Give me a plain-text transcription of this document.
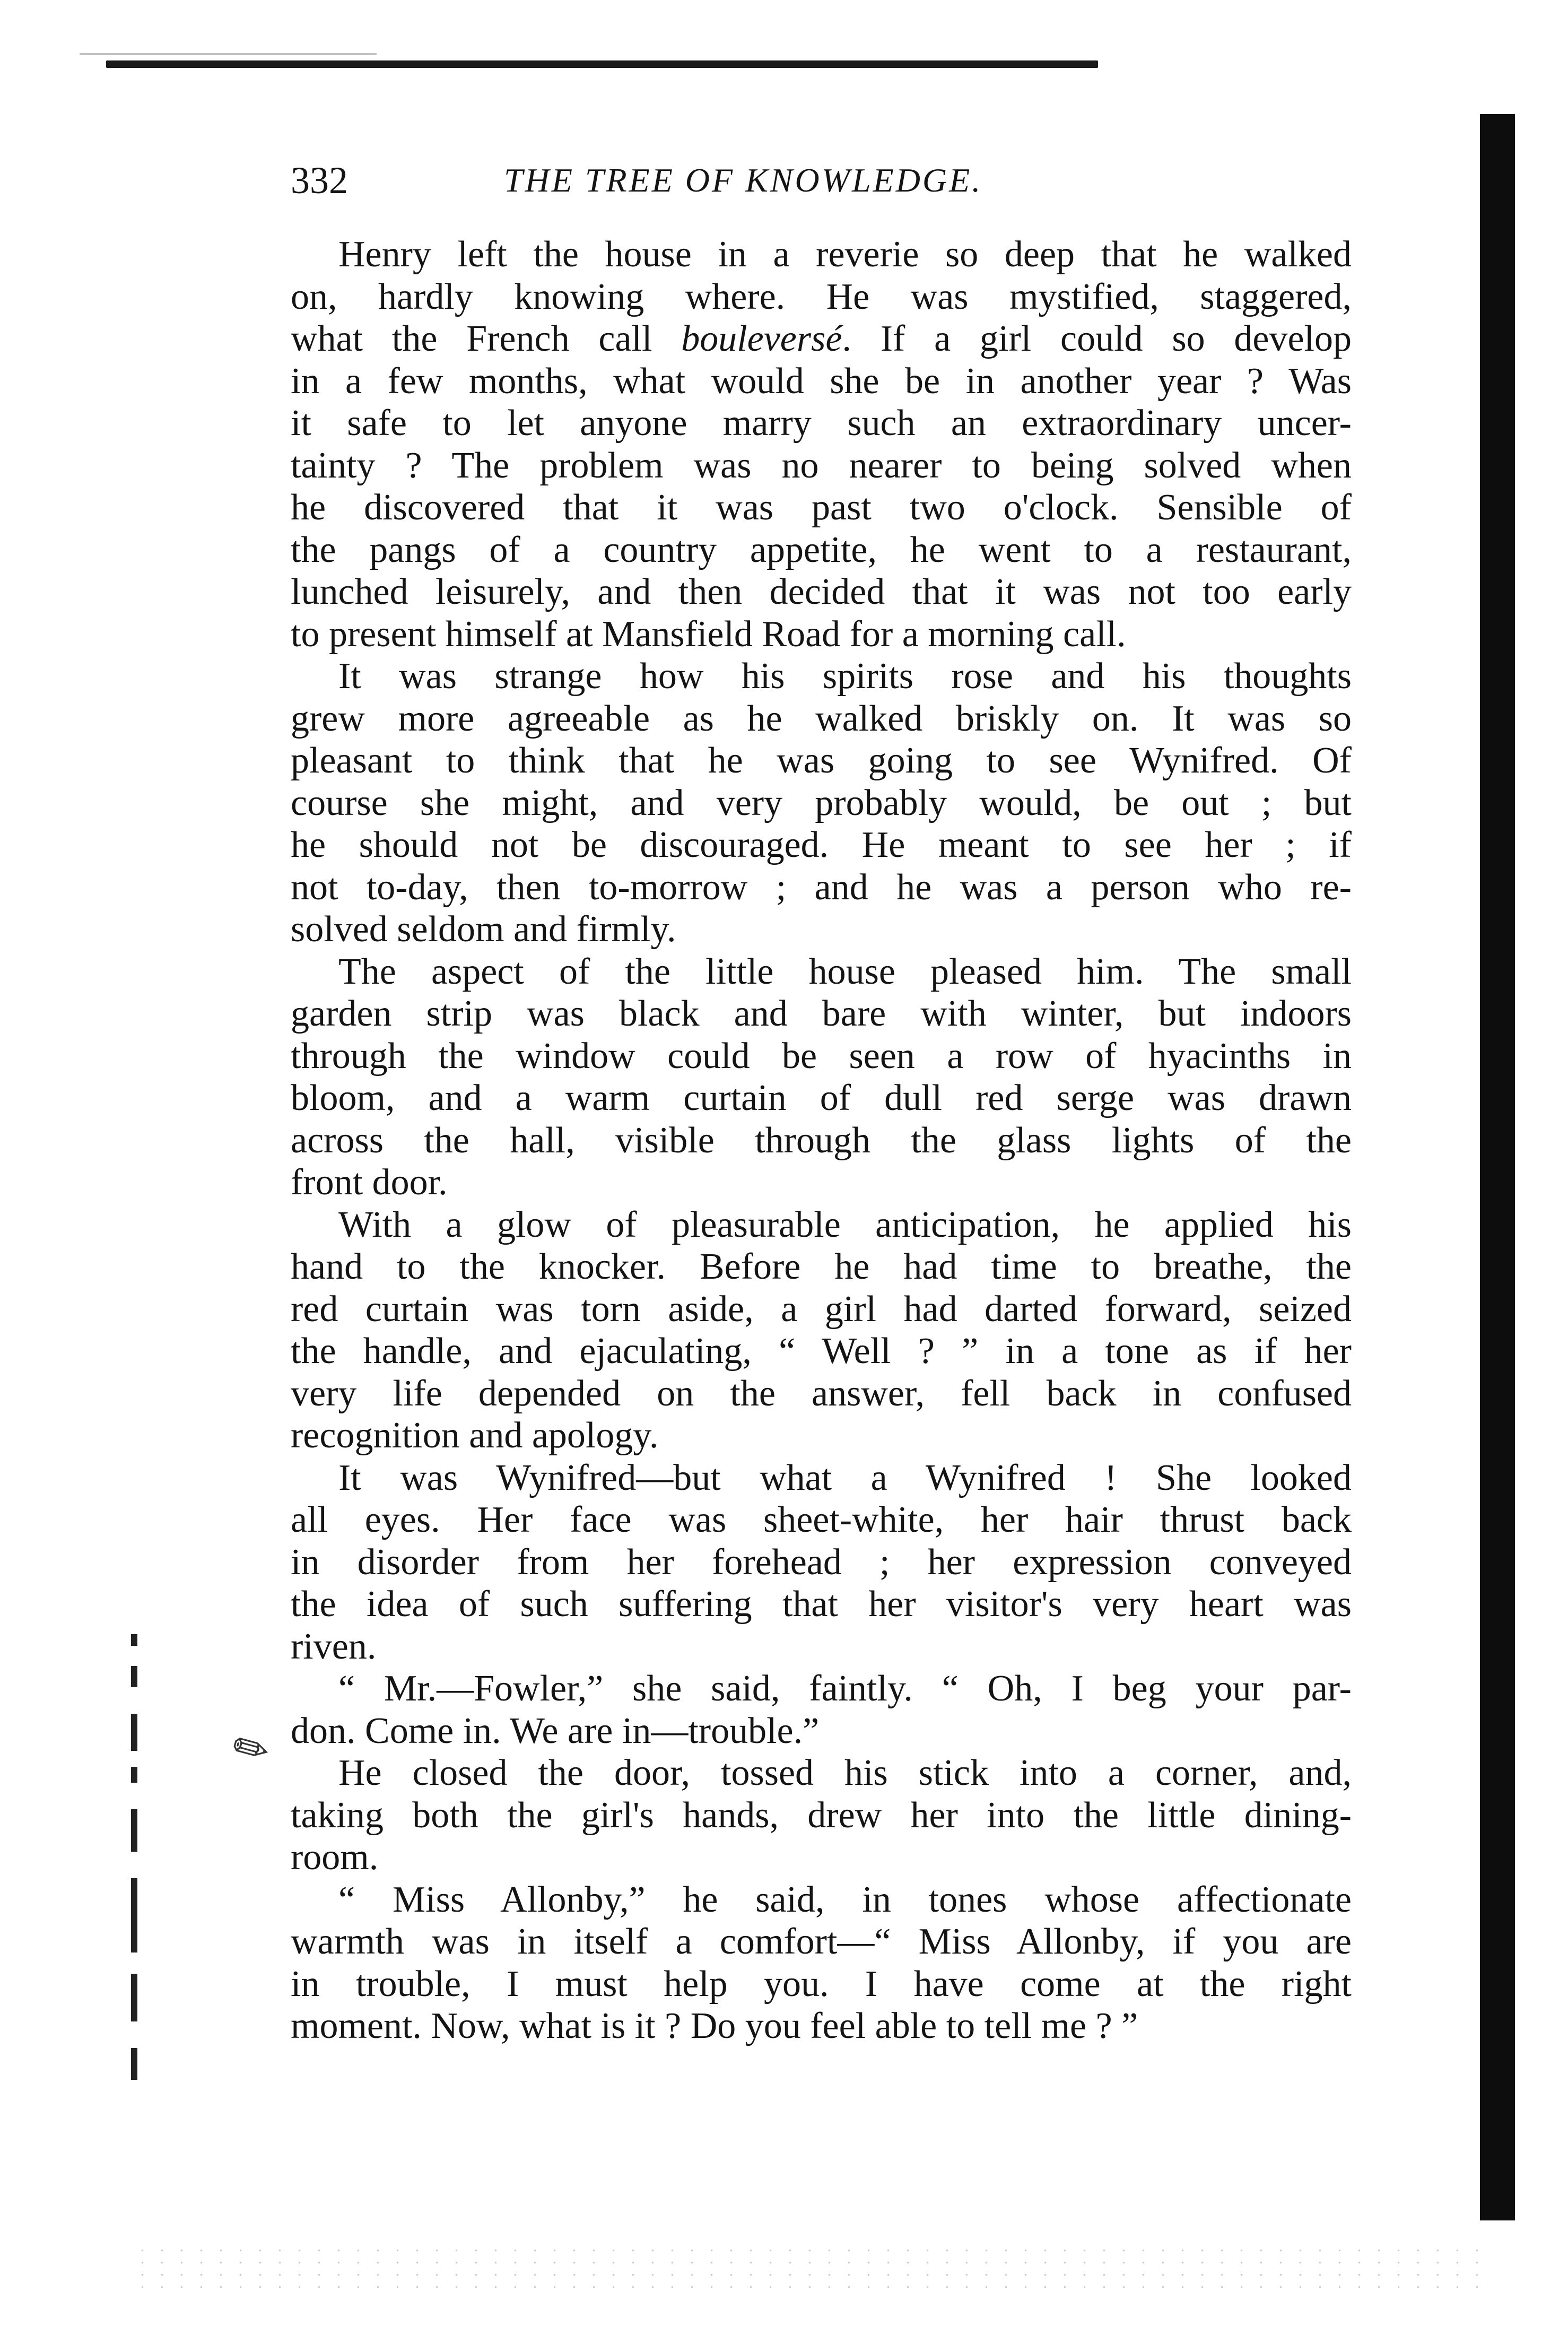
✎
332	THE TREE OF KNOWLEDGE.
Henry left the house in a reverie so deep that he walked
on, hardly knowing where. He was mystified, staggered,
what the French call bouleversé. If a girl could so develop
in a few months, what would she be in another year ? Was
it safe to let anyone marry such an extraordinary uncer-
tainty ? The problem was no nearer to being solved when
he discovered that it was past two o'clock. Sensible of
the pangs of a country appetite, he went to a restaurant,
lunched leisurely, and then decided that it was not too early
to present himself at Mansfield Road for a morning call.
It was strange how his spirits rose and his thoughts
grew more agreeable as he walked briskly on. It was so
pleasant to think that he was going to see Wynifred. Of
course she might, and very probably would, be out ; but
he should not be discouraged. He meant to see her ; if
not to-day, then to-morrow ; and he was a person who re-
solved seldom and firmly.
The aspect of the little house pleased him. The small
garden strip was black and bare with winter, but indoors
through the window could be seen a row of hyacinths in
bloom, and a warm curtain of dull red serge was drawn
across the hall, visible through the glass lights of the
front door.
With a glow of pleasurable anticipation, he applied his
hand to the knocker. Before he had time to breathe, the
red curtain was torn aside, a girl had darted forward, seized
the handle, and ejaculating, “ Well ? ” in a tone as if her
very life depended on the answer, fell back in confused
recognition and apology.
It was Wynifred—but what a Wynifred ! She looked
all eyes. Her face was sheet-white, her hair thrust back
in disorder from her forehead ; her expression conveyed
the idea of such suffering that her visitor's very heart was
riven.
“ Mr.—Fowler,” she said, faintly. “ Oh, I beg your par-
don. Come in. We are in—trouble.”
He closed the door, tossed his stick into a corner, and,
taking both the girl's hands, drew her into the little dining-
room.
“ Miss Allonby,” he said, in tones whose affectionate
warmth was in itself a comfort—“ Miss Allonby, if you are
in trouble, I must help you. I have come at the right
moment. Now, what is it ? Do you feel able to tell me ? ”
